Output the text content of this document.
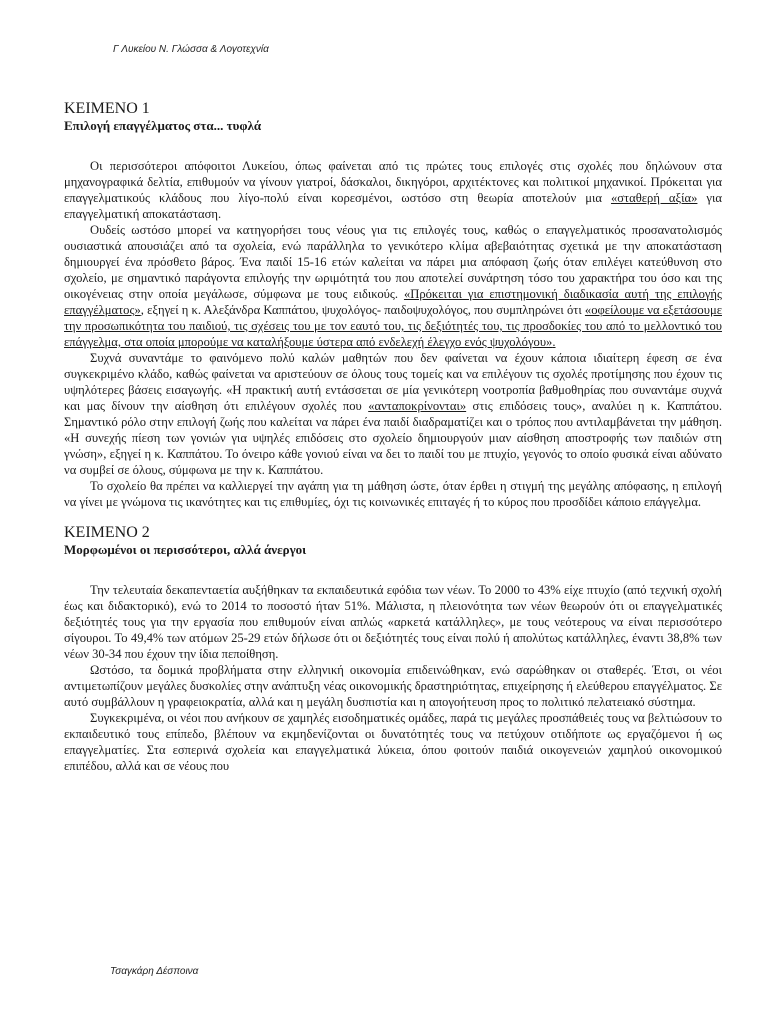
Γ Λυκείου Ν. Γλώσσα & Λογοτεχνία
ΚΕΙΜΕΝΟ 1
Επιλογή επαγγέλματος στα... τυφλά

Οι περισσότεροι απόφοιτοι Λυκείου, όπως φαίνεται από τις πρώτες τους επιλογές στις σχολές που δηλώνουν στα μηχανογραφικά δελτία, επιθυμούν να γίνουν γιατροί, δάσκαλοι, δικηγόροι, αρχιτέκτονες και πολιτικοί μηχανικοί. Πρόκειται για επαγγελματικούς κλάδους που λίγο-πολύ είναι κορεσμένοι, ωστόσο στη θεωρία αποτελούν μια «σταθερή αξία» για επαγγελματική αποκατάσταση.

Ουδείς ωστόσο μπορεί να κατηγορήσει τους νέους για τις επιλογές τους, καθώς ο επαγγελματικός προσανατολισμός ουσιαστικά απουσιάζει από τα σχολεία, ενώ παράλληλα το γενικότερο κλίμα αβεβαιότητας σχετικά με την αποκατάσταση δημιουργεί ένα πρόσθετο βάρος. Ένα παιδί 15-16 ετών καλείται να πάρει μια απόφαση ζωής όταν επιλέγει κατεύθυνση στο σχολείο, με σημαντικό παράγοντα επιλογής την ωριμότητά του που αποτελεί συνάρτηση τόσο του χαρακτήρα του όσο και της οικογένειας στην οποία μεγάλωσε, σύμφωνα με τους ειδικούς. «Πρόκειται για επιστημονική διαδικασία αυτή της επιλογής επαγγέλματος», εξηγεί η κ. Αλεξάνδρα Καππάτου, ψυχολόγος- παιδοψυχολόγος, που συμπληρώνει ότι «οφείλουμε να εξετάσουμε την προσωπικότητα του παιδιού, τις σχέσεις του με τον εαυτό του, τις δεξιότητές του, τις προσδοκίες του από το μελλοντικό του επάγγελμα, στα οποία μπορούμε να καταλήξουμε ύστερα από ενδελεχή έλεγχο ενός ψυχολόγου».

Συχνά συναντάμε το φαινόμενο πολύ καλών μαθητών που δεν φαίνεται να έχουν κάποια ιδιαίτερη έφεση σε ένα συγκεκριμένο κλάδο, καθώς φαίνεται να αριστεύουν σε όλους τους τομείς και να επιλέγουν τις σχολές προτίμησης που έχουν τις υψηλότερες βάσεις εισαγωγής. «Η πρακτική αυτή εντάσσεται σε μία γενικότερη νοοτροπία βαθμοθηρίας που συναντάμε συχνά και μας δίνουν την αίσθηση ότι επιλέγουν σχολές που «ανταποκρίνονται» στις επιδόσεις τους», αναλύει η κ. Καππάτου. Σημαντικό ρόλο στην επιλογή ζωής που καλείται να πάρει ένα παιδί διαδραματίζει και ο τρόπος που αντιλαμβάνεται την μάθηση. «Η συνεχής πίεση των γονιών για υψηλές επιδόσεις στο σχολείο δημιουργούν μιαν αίσθηση αποστροφής των παιδιών στη γνώση», εξηγεί η κ. Καππάτου. Το όνειρο κάθε γονιού είναι να δει το παιδί του με πτυχίο, γεγονός το οποίο φυσικά είναι αδύνατο να συμβεί σε όλους, σύμφωνα με την κ. Καππάτου.

Το σχολείο θα πρέπει να καλλιεργεί την αγάπη για τη μάθηση ώστε, όταν έρθει η στιγμή της μεγάλης απόφασης, η επιλογή να γίνει με γνώμονα τις ικανότητες και τις επιθυμίες, όχι τις κοινωνικές επιταγές ή το κύρος που προσδίδει κάποιο επάγγελμα.

ΚΕΙΜΕΝΟ 2
Μορφωμένοι οι περισσότεροι, αλλά άνεργοι

Την τελευταία δεκαπενταετία αυξήθηκαν τα εκπαιδευτικά εφόδια των νέων. Το 2000 το 43% είχε πτυχίο (από τεχνική σχολή έως και διδακτορικό), ενώ το 2014 το ποσοστό ήταν 51%. Μάλιστα, η πλειονότητα των νέων θεωρούν ότι οι επαγγελματικές δεξιότητές τους για την εργασία που επιθυμούν είναι απλώς «αρκετά κατάλληλες», με τους νεότερους να είναι περισσότερο σίγουροι. Το 49,4% των ατόμων 25-29 ετών δήλωσε ότι οι δεξιότητές τους είναι πολύ ή απολύτως κατάλληλες, έναντι 38,8% των νέων 30-34 που έχουν την ίδια πεποίθηση.

Ωστόσο, τα δομικά προβλήματα στην ελληνική οικονομία επιδεινώθηκαν, ενώ σαρώθηκαν οι σταθερές. Έτσι, οι νέοι αντιμετωπίζουν μεγάλες δυσκολίες στην ανάπτυξη νέας οικονομικής δραστηριότητας, επιχείρησης ή ελεύθερου επαγγέλματος. Σε αυτό συμβάλλουν η γραφειοκρατία, αλλά και η μεγάλη δυσπιστία και η απογοήτευση προς το πολιτικό πελατειακό σύστημα.

Συγκεκριμένα, οι νέοι που ανήκουν σε χαμηλές εισοδηματικές ομάδες, παρά τις μεγάλες προσπάθειές τους να βελτιώσουν το εκπαιδευτικό τους επίπεδο, βλέπουν να εκμηδενίζονται οι δυνατότητές τους να πετύχουν οτιδήποτε ως εργαζόμενοι ή ως επαγγελματίες. Στα εσπερινά σχολεία και επαγγελματικά λύκεια, όπου φοιτούν παιδιά οικογενειών χαμηλού οικονομικού επιπέδου, αλλά και σε νέους που

Τσαγκάρη Δέσποινα
